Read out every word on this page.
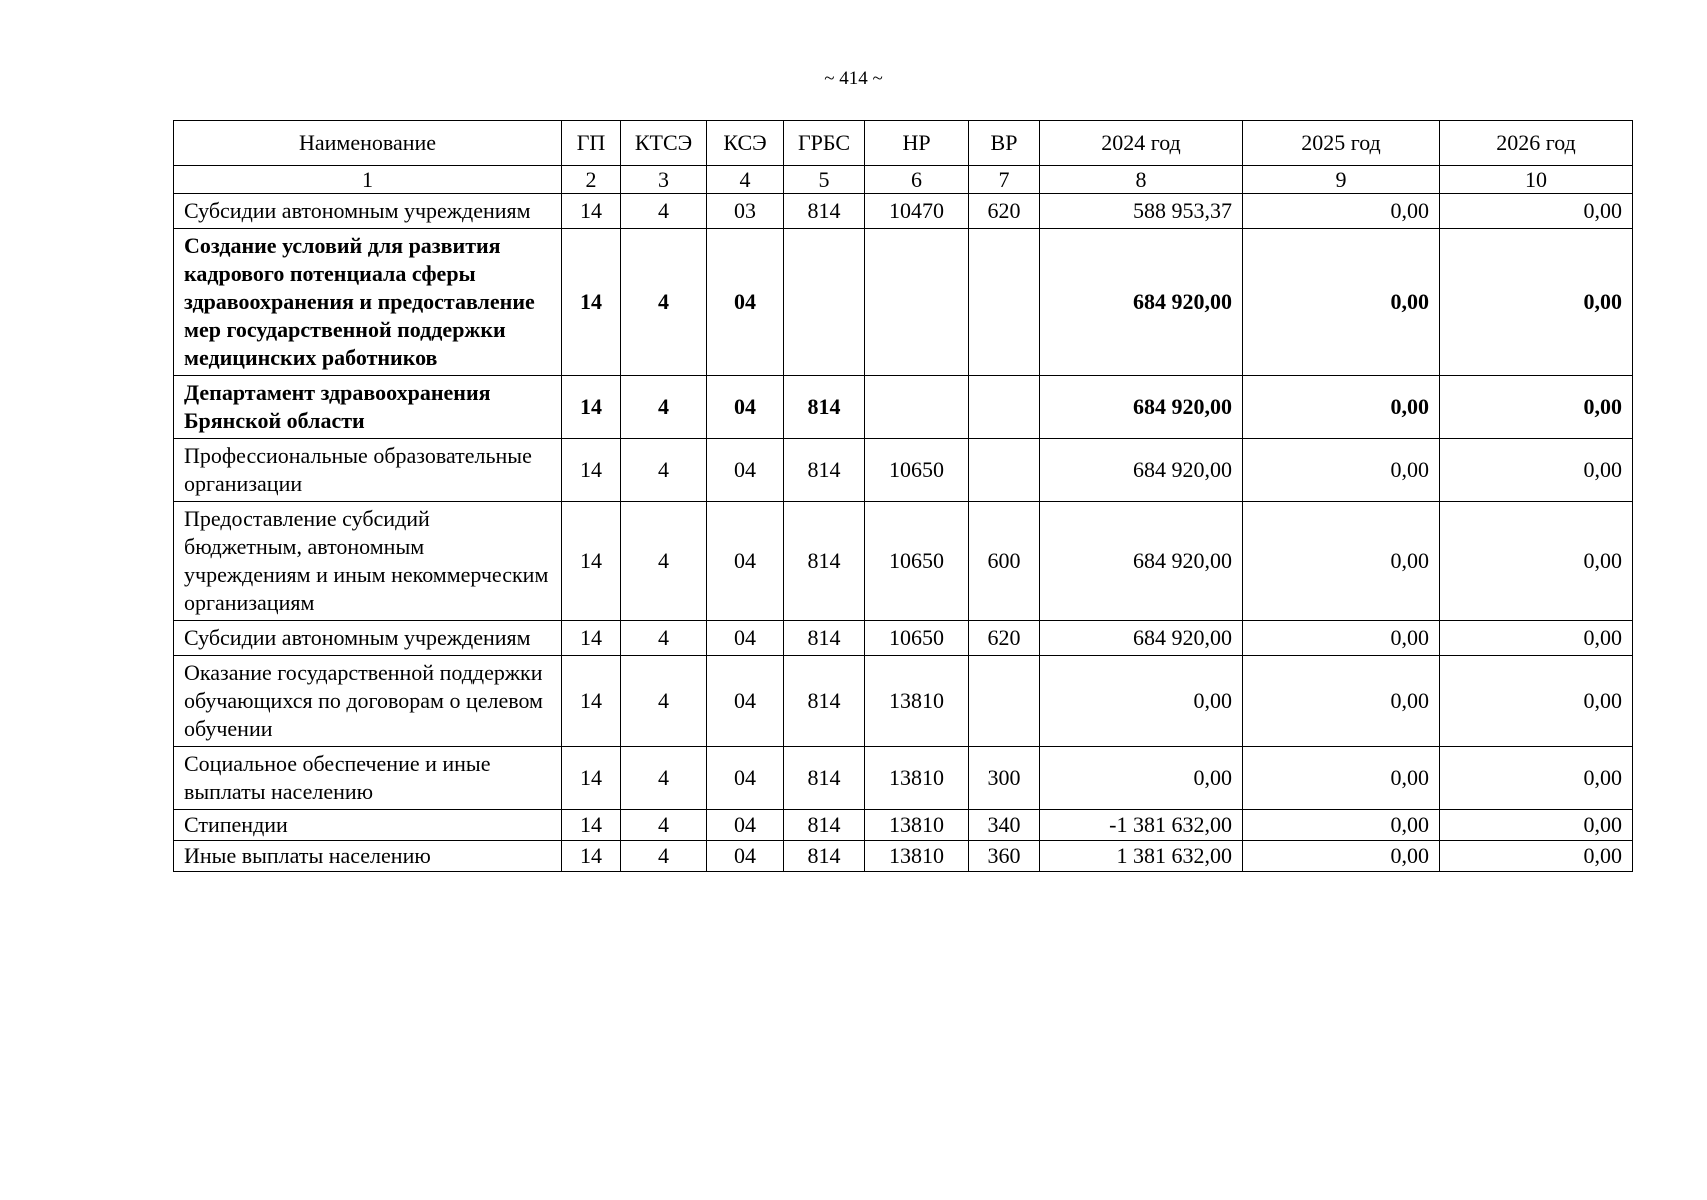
~ 414 ~
Наименование	ГП	КТСЭ	КСЭ	ГРБС	НР	ВР	2024 год	2025 год	2026 год
1	2	3	4	5	6	7	8	9	10
Субсидии автономным учреждениям	14	4	03	814	10470	620	588 953,37	0,00	0,00
Создание условий для развития кадрового потенциала сферы здравоохранения и предоставление мер государственной поддержки медицинских работников	14	4	04				684 920,00	0,00	0,00
Департамент здравоохранения Брянской области	14	4	04	814			684 920,00	0,00	0,00
Профессиональные образовательные организации	14	4	04	814	10650		684 920,00	0,00	0,00
Предоставление субсидий бюджетным, автономным учреждениям и иным некоммерческим организациям	14	4	04	814	10650	600	684 920,00	0,00	0,00
Субсидии автономным учреждениям	14	4	04	814	10650	620	684 920,00	0,00	0,00
Оказание государственной поддержки обучающихся по договорам о целевом обучении	14	4	04	814	13810		0,00	0,00	0,00
Социальное обеспечение и иные выплаты населению	14	4	04	814	13810	300	0,00	0,00	0,00
Стипендии	14	4	04	814	13810	340	-1 381 632,00	0,00	0,00
Иные выплаты населению	14	4	04	814	13810	360	1 381 632,00	0,00	0,00
